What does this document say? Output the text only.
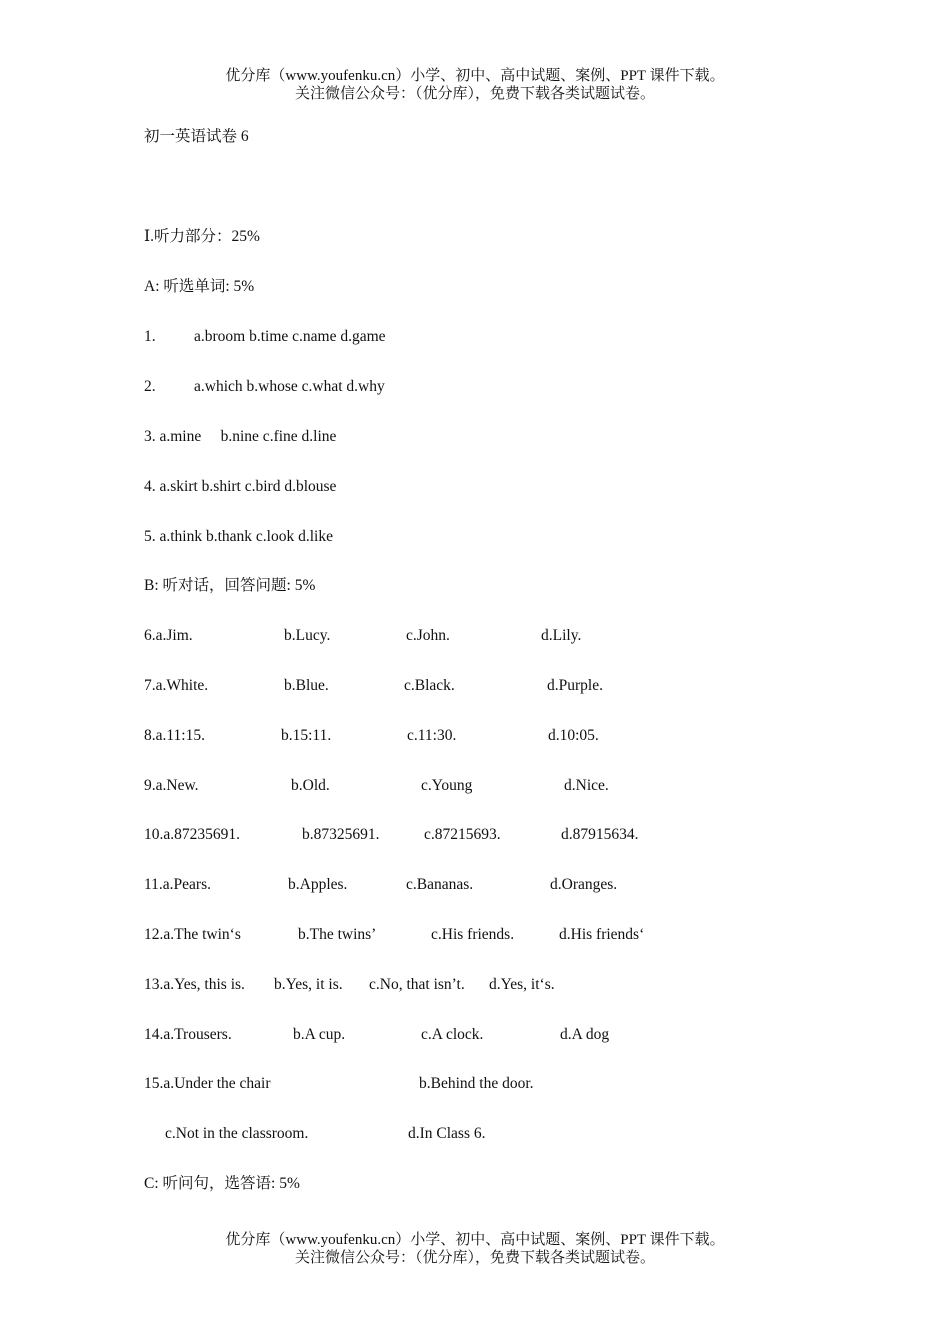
优分库（www.youfenku.cn）小学、初中、高中试题、案例、PPT 课件下载。
关注微信公众号：（优分库），免费下载各类试题试卷。
初一英语试卷 6
Ⅰ.听力部分：25%
A: 听选单词: 5%
1. a.broom b.time c.name d.game
2. a.which b.whose c.what d.why
3. a.mine     b.nine c.fine d.line
4. a.skirt b.shirt c.bird d.blouse
5. a.think b.thank c.look d.like
B: 听对话，回答问题: 5%
6.a.Jim.	b.Lucy.	c.John.	d.Lily.
7.a.White.	b.Blue.	c.Black.	d.Purple.
8.a.11:15.	b.15:11.	c.11:30.	d.10:05.
9.a.New.	b.Old.	c.Young	d.Nice.
10.a.87235691.	b.87325691.	c.87215693.	d.87915634.
11.a.Pears.	b.Apples.	c.Bananas.	d.Oranges.
12.a.The twin‘s	b.The twins’	c.His friends.	d.His friends‘
13.a.Yes, this is. b.Yes, it is. c.No, that isn’t. d.Yes, it‘s.
14.a.Trousers.	b.A cup.	c.A clock.	d.A dog
15.a.Under the chair	b.Behind the door.
c.Not in the classroom.	d.In Class 6.
C: 听问句，选答语: 5%
优分库（www.youfenku.cn）小学、初中、高中试题、案例、PPT 课件下载。
关注微信公众号：（优分库），免费下载各类试题试卷。
